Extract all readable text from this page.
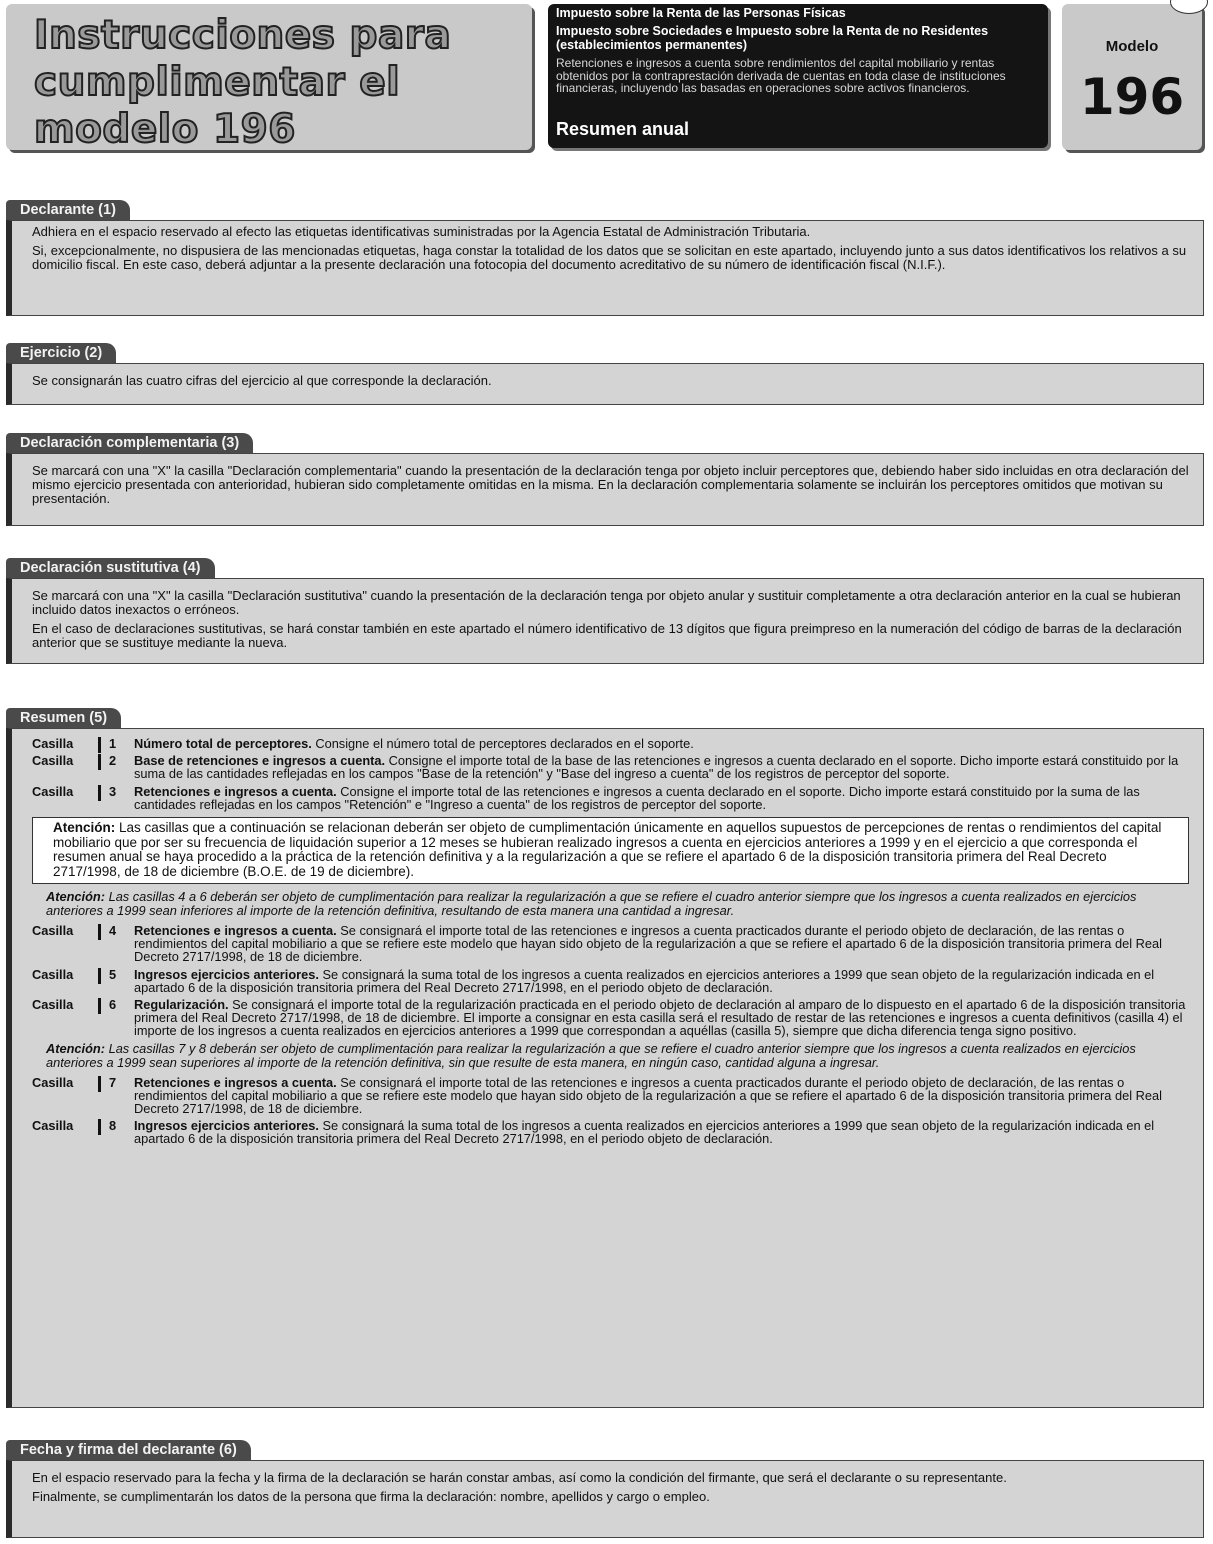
Instrucciones para cumplimentar el modelo 196
Impuesto sobre la Renta de las Personas Físicas
Impuesto sobre Sociedades e Impuesto sobre la Renta de no Residentes (establecimientos permanentes)
Retenciones e ingresos a cuenta sobre rendimientos del capital mobiliario y rentas obtenidos por la contraprestación derivada de cuentas en toda clase de instituciones financieras, incluyendo las basadas en operaciones sobre activos financieros.
Resumen anual
Modelo
196
Declarante (1)

Adhiera en el espacio reservado al efecto las etiquetas identificativas suministradas por la Agencia Estatal de Administración Tributaria.

Si, excepcionalmente, no dispusiera de las mencionadas etiquetas, haga constar la totalidad de los datos que se solicitan en este apartado, incluyendo junto a sus datos identificativos los relativos a su domicilio fiscal. En este caso, deberá adjuntar a la presente declaración una fotocopia del documento acreditativo de su número de identificación fiscal (N.I.F.).

Ejercicio (2)

Se consignarán las cuatro cifras del ejercicio al que corresponde la declaración.

Declaración complementaria (3)

Se marcará con una "X" la casilla "Declaración complementaria" cuando la presentación de la declaración tenga por objeto incluir perceptores que, debiendo haber sido incluidas en otra declaración del mismo ejercicio presentada con anterioridad, hubieran sido completamente omitidas en la misma. En la declaración complementaria solamente se incluirán los perceptores omitidos que motivan su presentación.

Declaración sustitutiva (4)

Se marcará con una "X" la casilla "Declaración sustitutiva" cuando la presentación de la declaración tenga por objeto anular y sustituir completamente a otra declaración anterior en la cual se hubieran incluido datos inexactos o erróneos.

En el caso de declaraciones sustitutivas, se hará constar también en este apartado el número identificativo de 13 dígitos que figura preimpreso en la numeración del código de barras de la declaración anterior que se sustituye mediante la nueva.

Resumen (5)
Casilla	1	Número total de perceptores. Consigne el número total de perceptores declarados en el soporte.
Casilla	2	Base de retenciones e ingresos a cuenta. Consigne el importe total de la base de las retenciones e ingresos a cuenta declarado en el soporte. Dicho importe estará constituido por la suma de las cantidades reflejadas en los campos "Base de la retención" y "Base del ingreso a cuenta" de los registros de perceptor del soporte.
Casilla	3	Retenciones e ingresos a cuenta. Consigne el importe total de las retenciones e ingresos a cuenta declarado en el soporte. Dicho importe estará constituido por la suma de las cantidades reflejadas en los campos "Retención" e "Ingreso a cuenta" de los registros de perceptor del soporte.
Atención: Las casillas que a continuación se relacionan deberán ser objeto de cumplimentación únicamente en aquellos supuestos de percepciones de rentas o rendimientos del capital mobiliario que por ser su frecuencia de liquidación superior a 12 meses se hubieran realizado ingresos a cuenta en ejercicios anteriores a 1999 y en el ejercicio a que corresponda el resumen anual se haya procedido a la práctica de la retención definitiva y a la regularización a que se refiere el apartado 6 de la disposición transitoria primera del Real Decreto 2717/1998, de 18 de diciembre (B.O.E. de 19 de diciembre).
Atención: Las casillas 4 a 6 deberán ser objeto de cumplimentación para realizar la regularización a que se refiere el cuadro anterior siempre que los ingresos a cuenta realizados en ejercicios anteriores a 1999 sean inferiores al importe de la retención definitiva, resultando de esta manera una cantidad a ingresar.
Casilla	4	Retenciones e ingresos a cuenta. Se consignará el importe total de las retenciones e ingresos a cuenta practicados durante el periodo objeto de declaración, de las rentas o rendimientos del capital mobiliario a que se refiere este modelo que hayan sido objeto de la regularización a que se refiere el apartado 6 de la disposición transitoria primera del Real Decreto 2717/1998, de 18 de diciembre.
Casilla	5	Ingresos ejercicios anteriores. Se consignará la suma total de los ingresos a cuenta realizados en ejercicios anteriores a 1999 que sean objeto de la regularización indicada en el apartado 6 de la disposición transitoria primera del Real Decreto 2717/1998, en el periodo objeto de declaración.
Casilla	6	Regularización. Se consignará el importe total de la regularización practicada en el periodo objeto de declaración al amparo de lo dispuesto en el apartado 6 de la disposición transitoria primera del Real Decreto 2717/1998, de 18 de diciembre. El importe a consignar en esta casilla será el resultado de restar de las retenciones e ingresos a cuenta definitivos (casilla 4) el importe de los ingresos a cuenta realizados en ejercicios anteriores a 1999 que correspondan a aquéllas (casilla 5), siempre que dicha diferencia tenga signo positivo.
Atención: Las casillas 7 y 8 deberán ser objeto de cumplimentación para realizar la regularización a que se refiere el cuadro anterior siempre que los ingresos a cuenta realizados en ejercicios anteriores a 1999 sean superiores al importe de la retención definitiva, sin que resulte de esta manera, en ningún caso, cantidad alguna a ingresar.
Casilla	7	Retenciones e ingresos a cuenta. Se consignará el importe total de las retenciones e ingresos a cuenta practicados durante el periodo objeto de declaración, de las rentas o rendimientos del capital mobiliario a que se refiere este modelo que hayan sido objeto de la regularización a que se refiere el apartado 6 de la disposición transitoria primera del Real Decreto 2717/1998, de 18 de diciembre.
Casilla	8	Ingresos ejercicios anteriores. Se consignará la suma total de los ingresos a cuenta realizados en ejercicios anteriores a 1999 que sean objeto de la regularización indicada en el apartado 6 de la disposición transitoria primera del Real Decreto 2717/1998, en el periodo objeto de declaración.
Fecha y firma del declarante (6)

En el espacio reservado para la fecha y la firma de la declaración se harán constar ambas, así como la condición del firmante, que será el declarante o su representante.

Finalmente, se cumplimentarán los datos de la persona que firma la declaración: nombre, apellidos y cargo o empleo.
